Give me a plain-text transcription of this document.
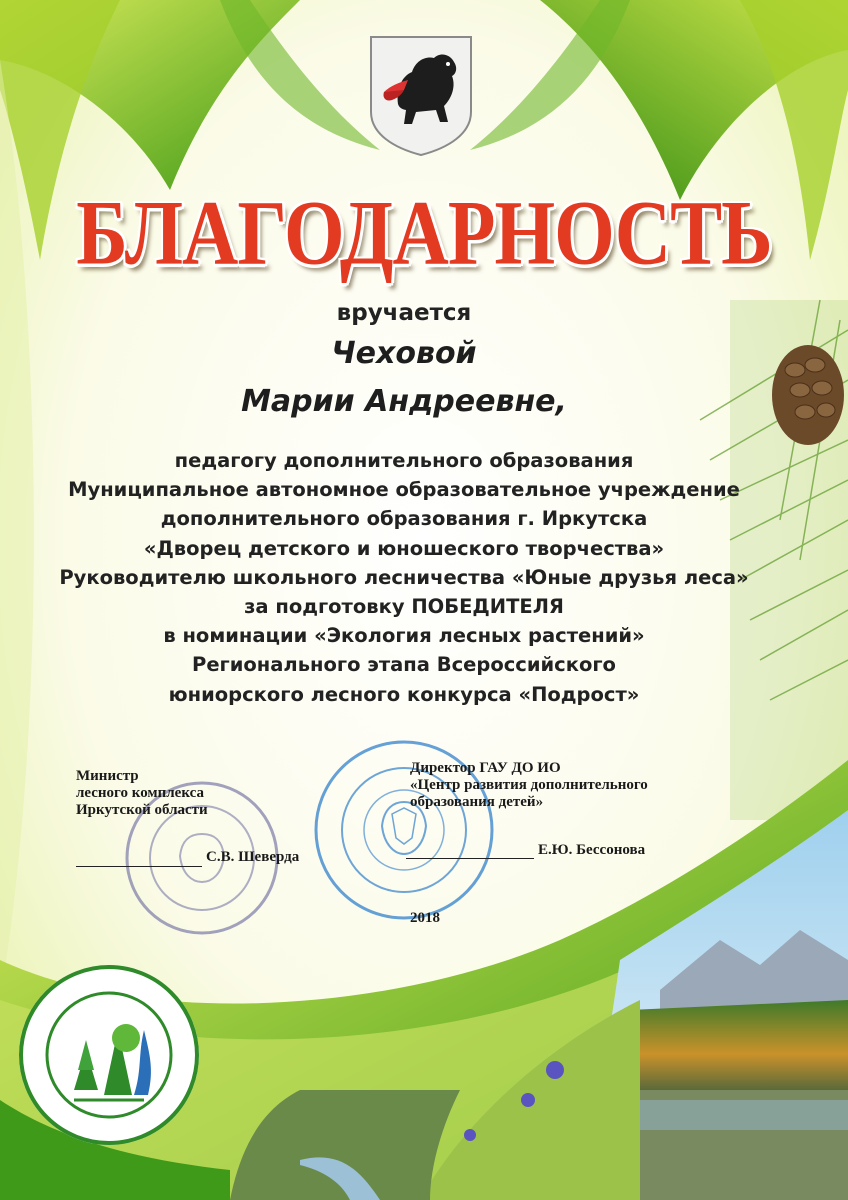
БЛАГОДАРНОСТЬ
вручается
Чеховой
Марии Андреевне,
педагогу дополнительного образования
Муниципальное автономное образовательное учреждение
дополнительного образования г. Иркутска
«Дворец детского и юношеского творчества»
Руководителю школьного лесничества «Юные друзья леса»
за подготовку ПОБЕДИТЕЛЯ
в номинации «Экология лесных растений»
Регионального этапа Всероссийского
юниорского лесного конкурса «Подрост»
Министр
лесного комплекса
Иркутской области
С.В. Шеверда
Директор ГАУ ДО ИО
«Центр развития дополнительного
образования детей»
Е.Ю. Бессонова
2018
